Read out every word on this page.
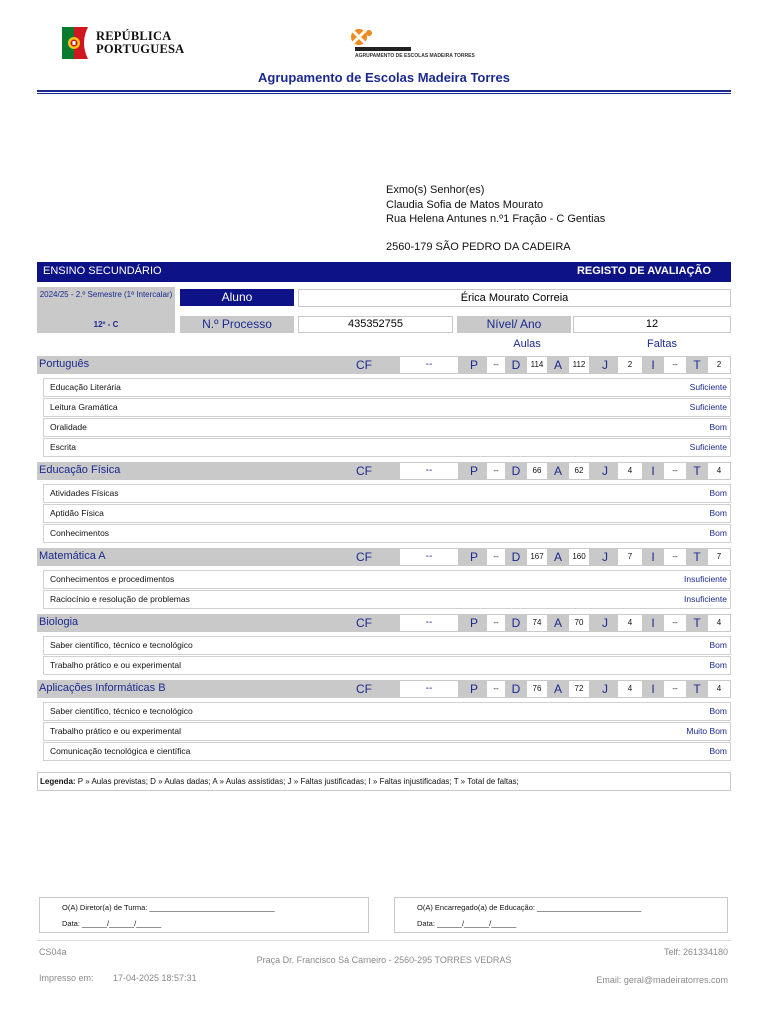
REPÚBLICA
PORTUGUESA	AGRUPAMENTO DE ESCOLAS MADEIRA TORRES
Agrupamento de Escolas Madeira Torres
Exmo(s) Senhor(es)
Claudia Sofia de Matos Mourato
Rua Helena Antunes n.º1 Fração - C Gentias
2560-179 SÃO PEDRO DA CADEIRA
ENSINO SECUNDÁRIO	REGISTO DE AVALIAÇÃO
2024/25 - 2.º Semestre (1ª Intercalar)
12º - C
Aluno	Érica Mourato Correia
N.º Processo	435352755	Nível/ Ano	12
Aulas	Faltas
Português	CF	--	P	--	D	114 A	112	J	2	I	--	T	2
Educação Literária	Suficiente
Leitura Gramática	Suficiente
Oralidade	Bom
Escrita	Suficiente
Educação Física	CF	--	P	--	D	66	A	62	J	4	I	--	T	4
Atividades Físicas	Bom
Aptidão Física	Bom
Conhecimentos	Bom
Matemática A	CF	--	P	--	D	167 A	160	J	7	I	--	T	7
Conhecimentos e procedimentos	Insuficiente
Raciocínio e resolução de problemas	Insuficiente
Biologia	CF	--	P	--	D	74	A	70	J	4	I	--	T	4
Saber científico, técnico e tecnológico	Bom
Trabalho prático e ou experimental	Bom
Aplicações Informáticas B	CF	--	P	--	D	76	A	72	J	4	I	--	T	4
Saber científico, técnico e tecnológico	Bom
Trabalho prático e ou experimental	Muito Bom
Comunicação tecnológica e científica	Bom
Legenda: P » Aulas previstas; D » Aulas dadas; A » Aulas assistidas; J » Faltas justificadas; I » Faltas injustificadas; T » Total de faltas;
O(A) Diretor(a) de Turma: ______________________________
Data: ______/______/______
O(A) Encarregado(a) de Educação: _________________________
Data: ______/______/______
CS04a	Telf: 261334180
Praça Dr. Francisco Sá Carneiro - 2560-295 TORRES VEDRAS
Impresso em: 17-04-2025 18:57:31	Email: geral@madeiratorres.com
